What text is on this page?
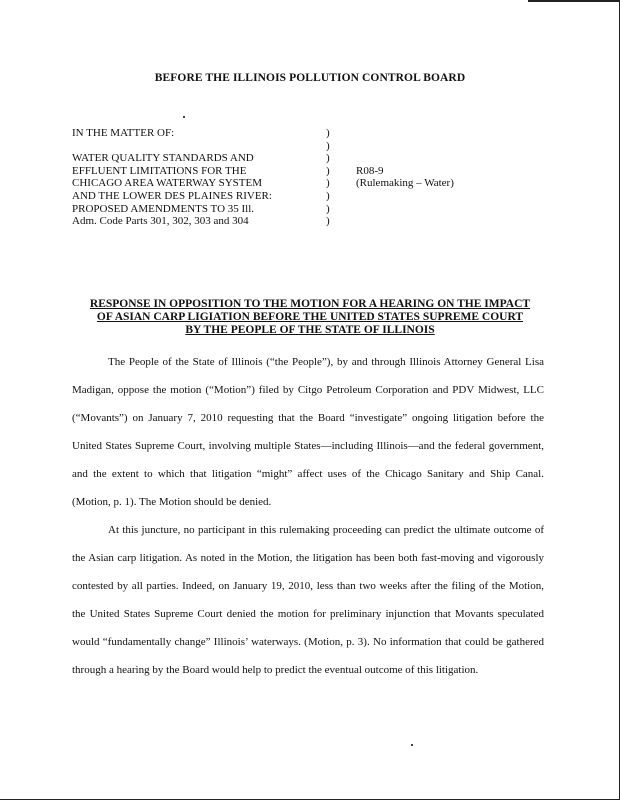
BEFORE THE ILLINOIS POLLUTION CONTROL BOARD
IN THE MATTER OF:	)
)
WATER QUALITY STANDARDS AND	)
EFFLUENT LIMITATIONS FOR THE	)	R08-9
CHICAGO AREA WATERWAY SYSTEM	)	(Rulemaking – Water)
AND THE LOWER DES PLAINES RIVER:	)
PROPOSED AMENDMENTS TO 35 Ill.	)
Adm. Code Parts 301, 302, 303 and 304	)
RESPONSE IN OPPOSITION TO THE MOTION FOR A HEARING ON THE IMPACT
OF ASIAN CARP LIGIATION BEFORE THE UNITED STATES SUPREME COURT
BY THE PEOPLE OF THE STATE OF ILLINOIS

The People of the State of Illinois (“the People”), by and through Illinois Attorney General Lisa Madigan, oppose the motion (“Motion”) filed by Citgo Petroleum Corporation and PDV Midwest, LLC (“Movants”) on January 7, 2010 requesting that the Board “investigate” ongoing litigation before the United States Supreme Court, involving multiple States—including Illinois—and the federal government, and the extent to which that litigation “might” affect uses of the Chicago Sanitary and Ship Canal. (Motion, p. 1). The Motion should be denied.

At this juncture, no participant in this rulemaking proceeding can predict the ultimate outcome of the Asian carp litigation. As noted in the Motion, the litigation has been both fast-moving and vigorously contested by all parties. Indeed, on January 19, 2010, less than two weeks after the filing of the Motion, the United States Supreme Court denied the motion for preliminary injunction that Movants speculated would “fundamentally change” Illinois’ waterways. (Motion, p. 3). No information that could be gathered through a hearing by the Board would help to predict the eventual outcome of this litigation.
